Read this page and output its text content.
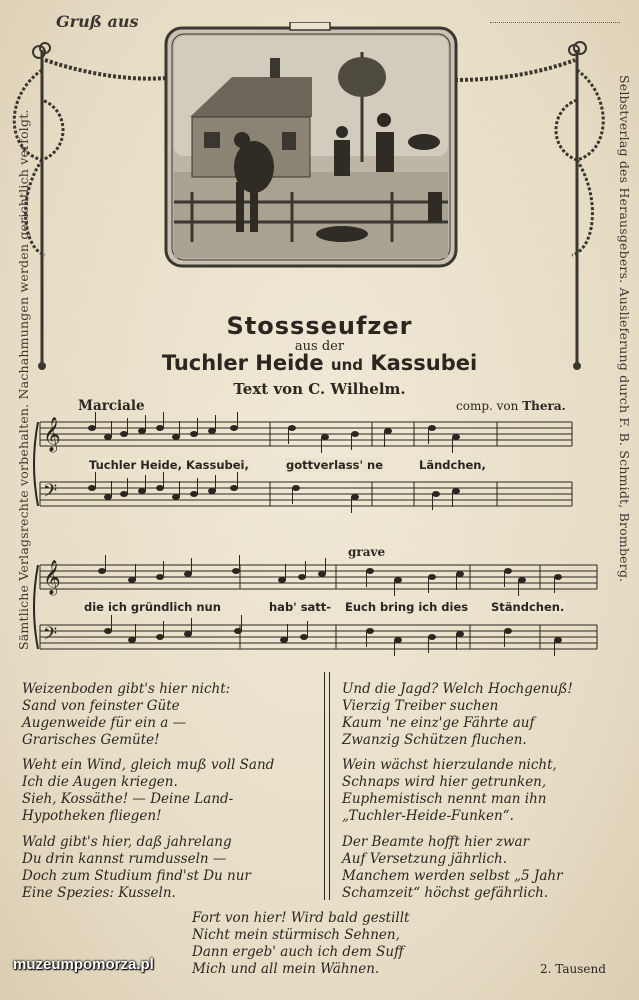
Gruß aus
Sämtliche Verlagsrechte vorbehalten. Nachahmungen werden gerichtlich verfolgt.	Selbstverlag des Herausgebers. Auslieferung durch F. B. Schmidt, Bromberg.
Stossseufzer
aus der
Tuchler Heide und Kassubei
Text von C. Wilhelm.
Marciale	comp. von Thera.
𝄞
𝄢
𝄞
𝄢
grave
Tuchler Heide, Kassubei,	gottverlass' ne	Ländchen,
die ich gründlich nun	hab' satt- Euch bring ich dies Ständchen.
Weizenboden gibt's hier nicht:
Sand von feinster Güte
Augenweide für ein a —
Grarisches Gemüte!
Weht ein Wind, gleich muß voll Sand
Ich die Augen kriegen.
Sieh, Kossäthe! — Deine Land-
Hypotheken fliegen!
Wald gibt's hier, daß jahrelang
Du drin kannst rumdusseln —
Doch zum Studium find'st Du nur
Eine Spezies: Kusseln.
Und die Jagd? Welch Hochgenuß!
Vierzig Treiber suchen
Kaum 'ne einz'ge Fährte auf
Zwanzig Schützen fluchen.
Wein wächst hierzulande nicht,
Schnaps wird hier getrunken,
Euphemistisch nennt man ihn
„Tuchler-Heide-Funken“.
Der Beamte hofft hier zwar
Auf Versetzung jährlich.
Manchem werden selbst „5 Jahr
Schamzeit“ höchst gefährlich.
Fort von hier! Wird bald gestillt
Nicht mein stürmisch Sehnen,
Dann ergeb' auch ich dem Suff
Mich und all mein Wähnen.
muzeumpomorza.pl	2. Tausend
